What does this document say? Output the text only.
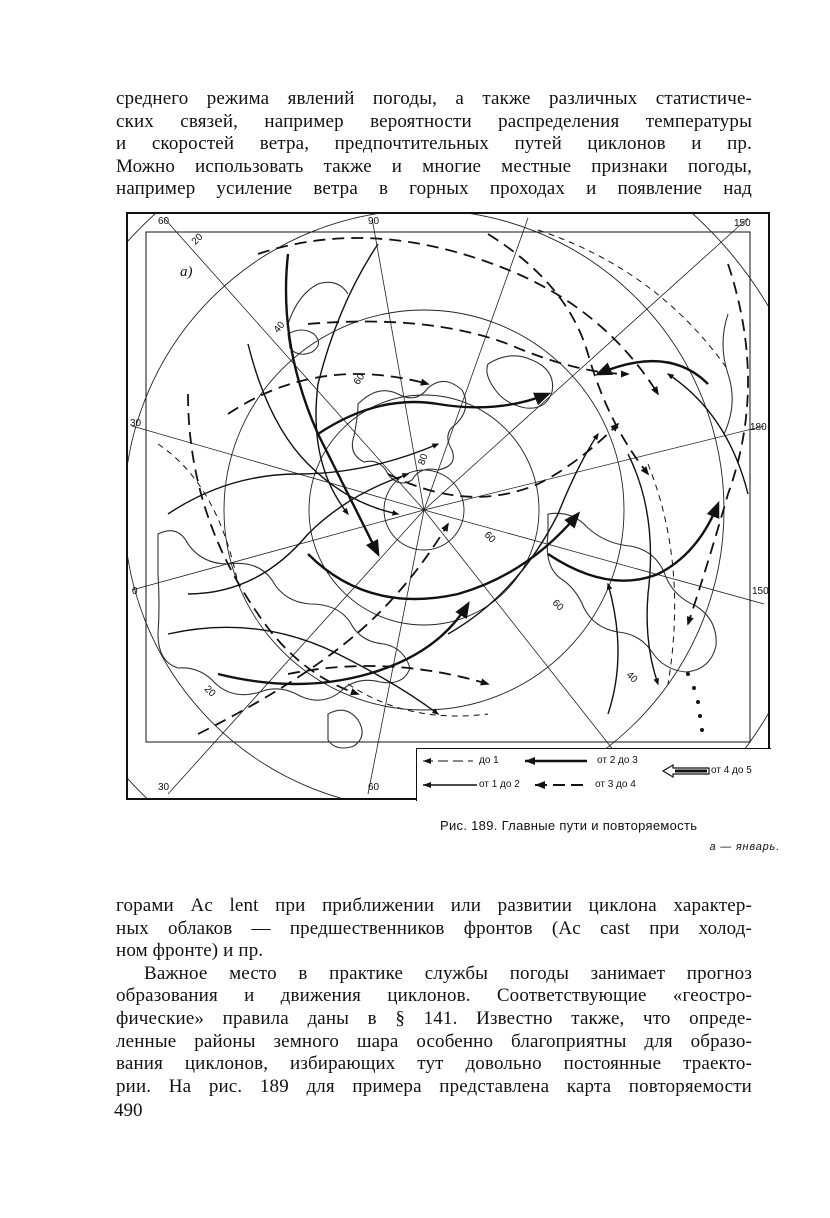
среднего режима явлений погоды, а также различных статистиче-
ских связей, например вероятности распределения температуры
и скоростей ветра, предпочтительных путей циклонов и пр.
Можно использовать также и многие местные признаки погоды,
например усиление ветра в горных проходах и появление над
60	90	150
30
0
180
150
30	60
20
40
60
80
60
60
40
20
а)
до 1
от 1 до 2
от 2 до 3
от 3 до 4
от 4 до 5
Рис. 189. Главные пути и повторяемость
а — январь.
горами Ac lent при приближении или развитии циклона характер-
ных облаков — предшественников фронтов (Ac cast при холод-
ном фронте) и пр.
Важное место в практике службы погоды занимает прогноз
образования и движения циклонов. Соответствующие «геостро-
фические» правила даны в § 141. Известно также, что опреде-
ленные районы земного шара особенно благоприятны для образо-
вания циклонов, избирающих тут довольно постоянные траекто-
рии. На рис. 189 для примера представлена карта повторяемости
490
